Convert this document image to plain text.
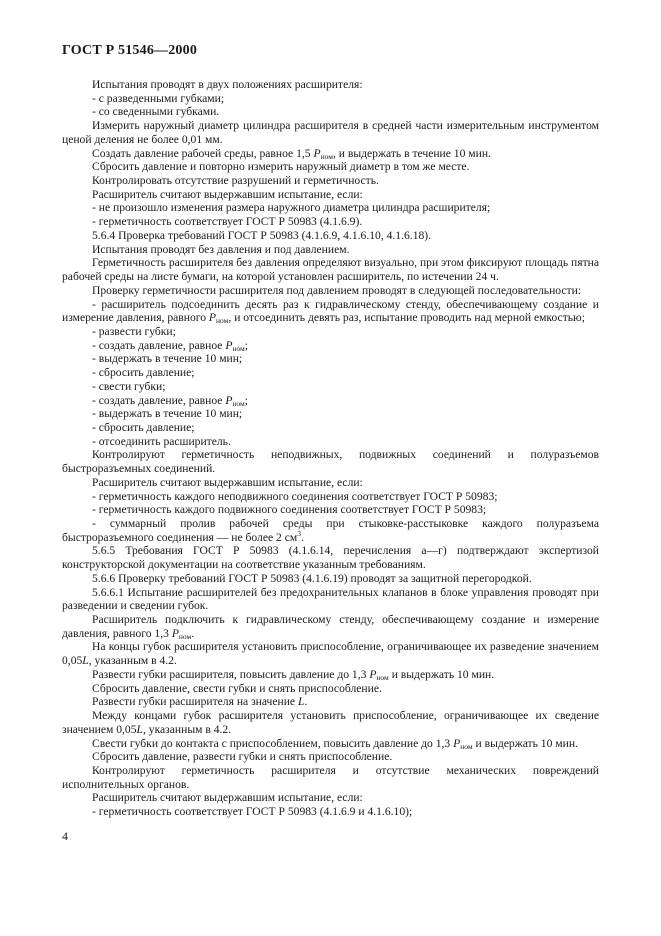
ГОСТ Р 51546—2000

Испытания проводят в двух положениях расширителя:

- с разведенными губками;

- со сведенными губками.

Измерить наружный диаметр цилиндра расширителя в средней части измерительным инструментом ценой деления не более 0,01 мм.

Создать давление рабочей среды, равное 1,5 $P_{ном}$, и выдержать в течение 10 мин.

Сбросить давление и повторно измерить наружный диаметр в том же месте.

Контролировать отсутствие разрушений и герметичность.

Расширитель считают выдержавшим испытание, если:

- не произошло изменения размера наружного диаметра цилиндра расширителя;

- герметичность соответствует ГОСТ Р 50983 (4.1.6.9).

5.6.4 Проверка требований ГОСТ Р 50983 (4.1.6.9, 4.1.6.10, 4.1.6.18).

Испытания проводят без давления и под давлением.

Герметичность расширителя без давления определяют визуально, при этом фиксируют площадь пятна рабочей среды на листе бумаги, на которой установлен расширитель, по истечении 24 ч.

Проверку герметичности расширителя под давлением проводят в следующей последовательности:

- расширитель подсоединить десять раз к гидравлическому стенду, обеспечивающему создание и измерение давления, равного $P_{ном}$, и отсоединить девять раз, испытание проводить над мерной емкостью;

- развести губки;

- создать давление, равное $P_{ном}$;

- выдержать в течение 10 мин;

- сбросить давление;

- свести губки;

- создать давление, равное $P_{ном}$;

- выдержать в течение 10 мин;

- сбросить давление;

- отсоединить расширитель.

Контролируют герметичность неподвижных, подвижных соединений и полуразъемов быстроразъемных соединений.

Расширитель считают выдержавшим испытание, если:

- герметичность каждого неподвижного соединения соответствует ГОСТ Р 50983;

- герметичность каждого подвижного соединения соответствует ГОСТ Р 50983;

- суммарный пролив рабочей среды при стыковке-расстыковке каждого полуразъема быстроразъемного соединения — не более 2 $см^3$.

5.6.5 Требования ГОСТ Р 50983 (4.1.6.14, перечисления а—г) подтверждают экспертизой конструкторской документации на соответствие указанным требованиям.

5.6.6 Проверку требований ГОСТ Р 50983 (4.1.6.19) проводят за защитной перегородкой.

5.6.6.1 Испытание расширителей без предохранительных клапанов в блоке управления проводят при разведении и сведении губок.

Расширитель подключить к гидравлическому стенду, обеспечивающему создание и измерение давления, равного 1,3 $P_{ном}$.

На концы губок расширителя установить приспособление, ограничивающее их разведение значением 0,05L, указанным в 4.2.

Развести губки расширителя, повысить давление до 1,3 $P_{ном}$ и выдержать 10 мин.

Сбросить давление, свести губки и снять приспособление.

Развести губки расширителя на значение L.

Между концами губок расширителя установить приспособление, ограничивающее их сведение значением 0,05L, указанным в 4.2.

Свести губки до контакта с приспособлением, повысить давление до 1,3 $P_{ном}$ и выдержать 10 мин.

Сбросить давление, развести губки и снять приспособление.

Контролируют герметичность расширителя и отсутствие механических повреждений исполнительных органов.

Расширитель считают выдержавшим испытание, если:

- герметичность соответствует ГОСТ Р 50983 (4.1.6.9 и 4.1.6.10);

4
